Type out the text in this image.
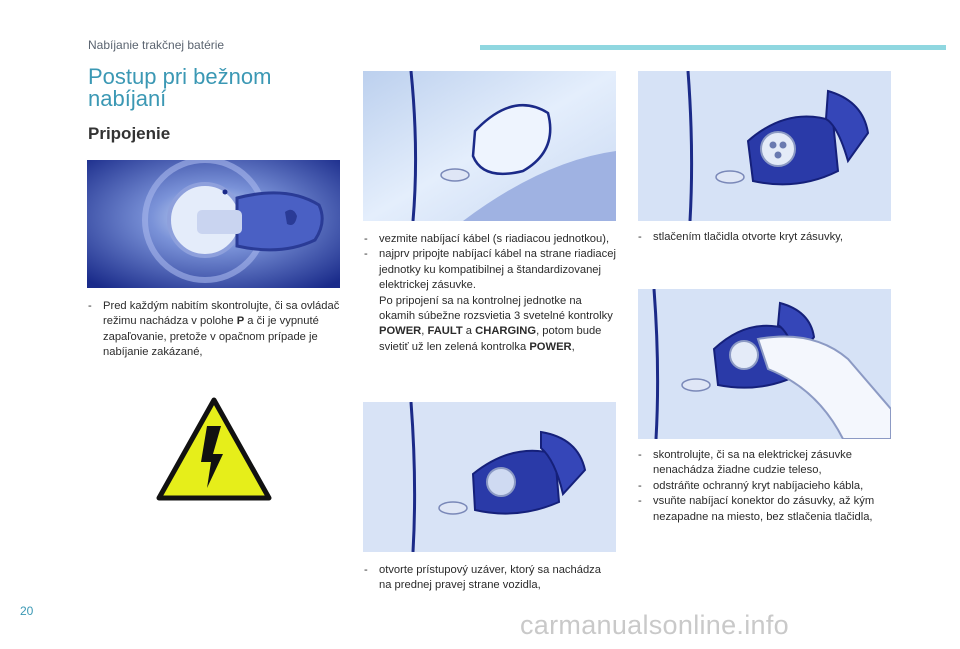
Nabíjanie trakčnej batérie
Postup pri bežnom
nabíjaní
Pripojenie
- Pred každým nabitím skontrolujte, či sa ovládač režimu nachádza v polohe P a či je vypnuté zapaľovanie, pretože v opačnom prípade je nabíjanie zakázané,
- vezmite nabíjací kábel (s riadiacou jednotkou),
- najprv pripojte nabíjací kábel na strane riadiacej jednotky ku kompatibilnej a štandardizovanej elektrickej zásuvke.
Po pripojení sa na kontrolnej jednotke na okamih súbežne rozsvietia 3 svetelné kontrolky POWER, FAULT a CHARGING, potom bude svietiť už len zelená kontrolka POWER,
- otvorte prístupový uzáver, ktorý sa nachádza na prednej pravej strane vozidla,
- stlačením tlačidla otvorte kryt zásuvky,
- skontrolujte, či sa na elektrickej zásuvke nenachádza žiadne cudzie teleso,
- odstráňte ochranný kryt nabíjacieho kábla,
- vsuňte nabíjací konektor do zásuvky, až kým nezapadne na miesto, bez stlačenia tlačidla,
20	carmanualsonline.info
